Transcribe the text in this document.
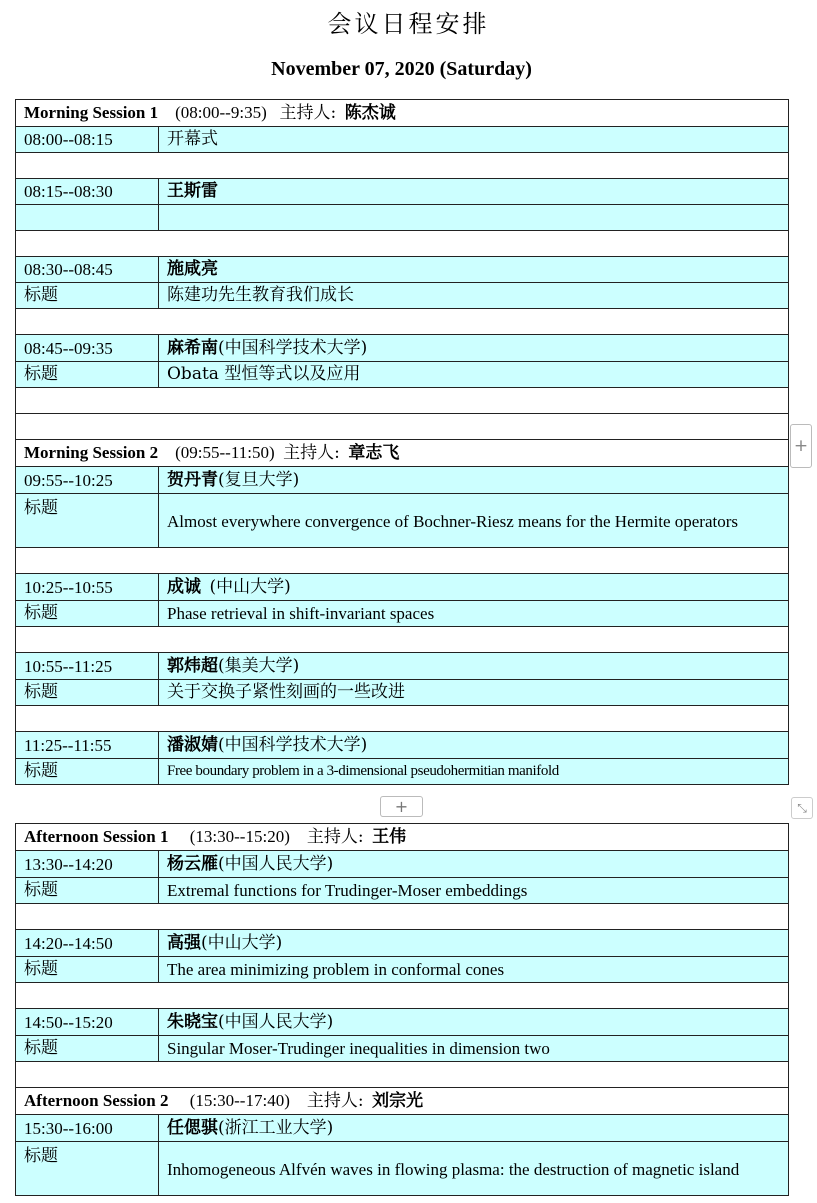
会议日程安排
November 07, 2020 (Saturday)
Morning Session 1 (08:00--9:35) 主持人: 陈杰诚	
08:00--08:15	开幕式

08:15--08:30	王斯雷

08:30--08:45	施咸亮
标题	陈建功先生教育我们成长

08:45--09:35	麻希南(中国科学技术大学)
标题	Obata 型恒等式以及应用

Morning Session 2 (09:55--11:50) 主持人: 章志飞	
09:55--10:25	贺丹青(复旦大学)
标题	Almost everywhere convergence of Bochner-Riesz means for the Hermite operators

10:25--10:55	成诚 (中山大学)
标题	Phase retrieval in shift-invariant spaces

10:55--11:25	郭炜超(集美大学)
标题	关于交换子紧性刻画的一些改进

11:25--11:55	潘淑婧(中国科学技术大学)
标题	Free boundary problem in a 3-dimensional pseudohermitian manifold
+
+	⤡
Afternoon Session 1 (13:30--15:20) 主持人: 王伟	
13:30--14:20	杨云雁(中国人民大学)
标题	Extremal functions for Trudinger-Moser embeddings

14:20--14:50	高强(中山大学)
标题	The area minimizing problem in conformal cones

14:50--15:20	朱晓宝(中国人民大学)
标题	Singular Moser-Trudinger inequalities in dimension two

Afternoon Session 2 (15:30--17:40) 主持人: 刘宗光	
15:30--16:00	任偲骐(浙江工业大学)
标题	Inhomogeneous Alfvén waves in flowing plasma: the destruction of magnetic island
